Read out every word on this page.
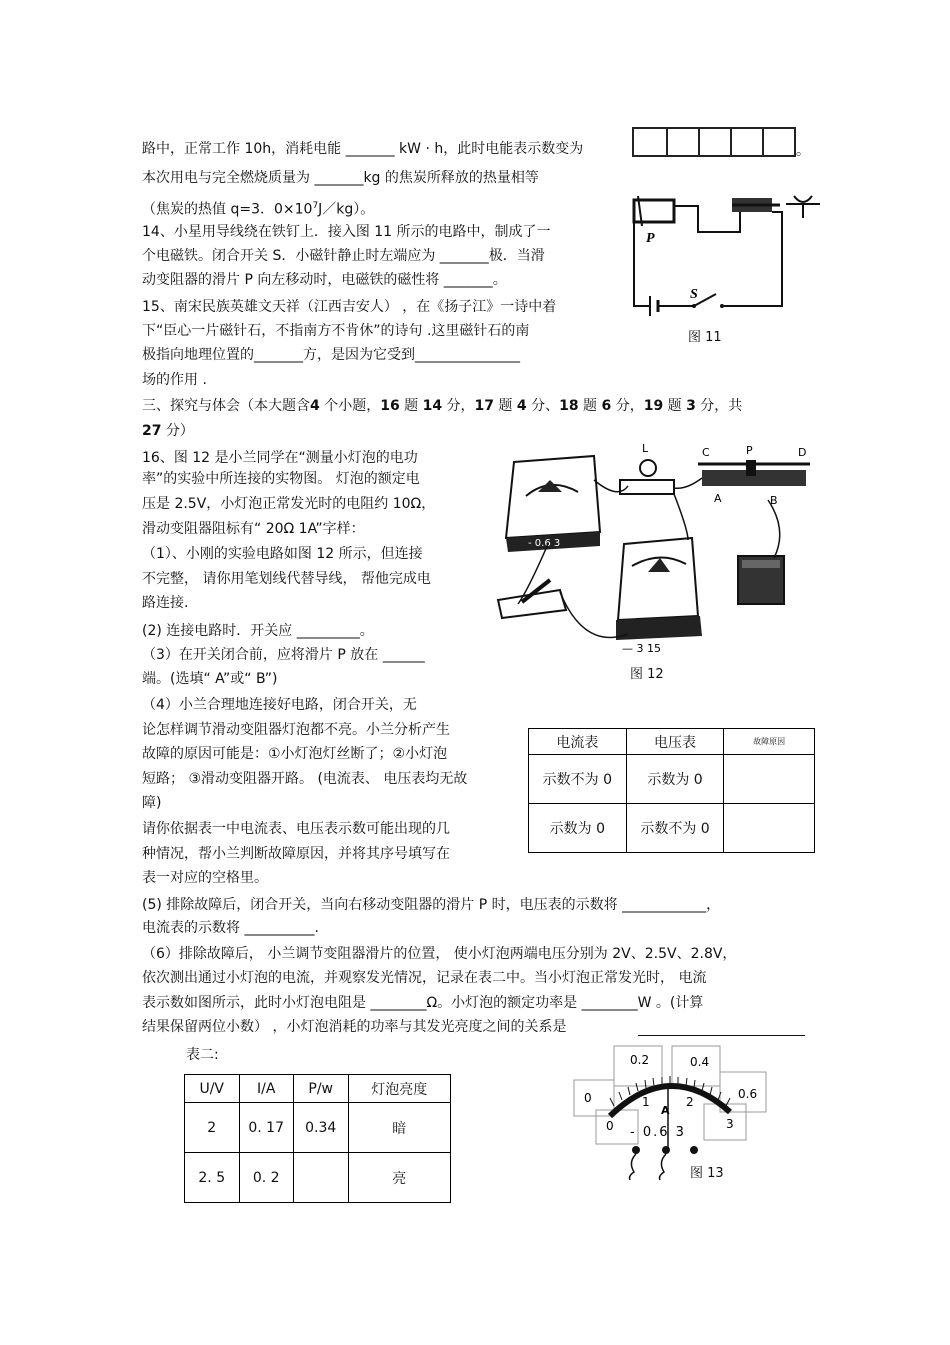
路中，正常工作 10h，消耗电能 _______ kW · h，此时电能表示数变为	。
本次用电与完全燃烧质量为 _______kg 的焦炭所释放的热量相等
（焦炭的热值 q=3．$0\times 10^7J/kg$）。
14、小星用导线绕在铁钉上．接入图 11 所示的电路中，制成了一
个电磁铁。闭合开关 S．小磁针静止时左端应为 _______极．当滑
动变阻器的滑片 P 向左移动时，电磁铁的磁性将 _______。
15、南宋民族英雄文天祥（江西吉安人） ，在《扬子江》一诗中着
下“臣心一片磁针石，不指南方不肯休”的诗句 .这里磁针石的南
极指向地理位置的_______方，是因为它受到_______________
场的作用 .
三、探究与体会（本大题含4 个小题，16 题 14 分，17 题 4 分、18 题 6 分，19 题 3 分，共
27 分）
16、图 12 是小兰同学在“测量小灯泡的电功
率”的实验中所连接的实物图。 灯泡的额定电
压是 2.5V，小灯泡正常发光时的电阻约 10Ω，
滑动变阻器阻标有“ 20Ω 1A”字样：
（1）、小刚的实验电路如图 12 所示，但连接
不完整， 请你用笔划线代替导线， 帮他完成电
路连接.
(2) 连接电路时．开关应 _________。
（3）在开关闭合前，应将滑片 P 放在 ______
端。(选填“ A”或“ B”)
（4）小兰合理地连接好电路，闭合开关，无
论怎样调节滑动变阻器灯泡都不亮。小兰分析产生
故障的原因可能是：①小灯泡灯丝断了；②小灯泡
短路； ③滑动变阻器开路。 (电流表、 电压表均无故
障)
请你依据表一中电流表、电压表示数可能出现的几
种情况，帮小兰判断故障原因，并将其序号填写在
表一对应的空格里。
(5) 排除故障后，闭合开关，当向右移动变阻器的滑片 P 时，电压表的示数将 ____________，
电流表的示数将 __________.
（6）排除故障后， 小兰调节变阻器滑片的位置， 使小灯泡两端电压分别为 2V、2.5V、2.8V，
依次测出通过小灯泡的电流，并观察发光情况，记录在表二中。当小灯泡正常发光时， 电流
表示数如图所示，此时小灯泡电阻是 ________Ω。小灯泡的额定功率是 ________W 。(计算
结果保留两位小数） ，小灯泡消耗的功率与其发光亮度之间的关系是
表二:
P
S
图 11
- 0.6 3
L	C	P	D
A	B
— 3 15
图 12
电流表	电压表	故障原因
示数不为 0	示数为 0	
示数为 0	示数不为 0	
U/V	I/A	P/w	灯泡亮度
2	0. 17	0.34	暗
2. 5	0. 2		亮
0
0.2	0.4
0.6
0
1	2
3
A
- 0.6 3
图 13
